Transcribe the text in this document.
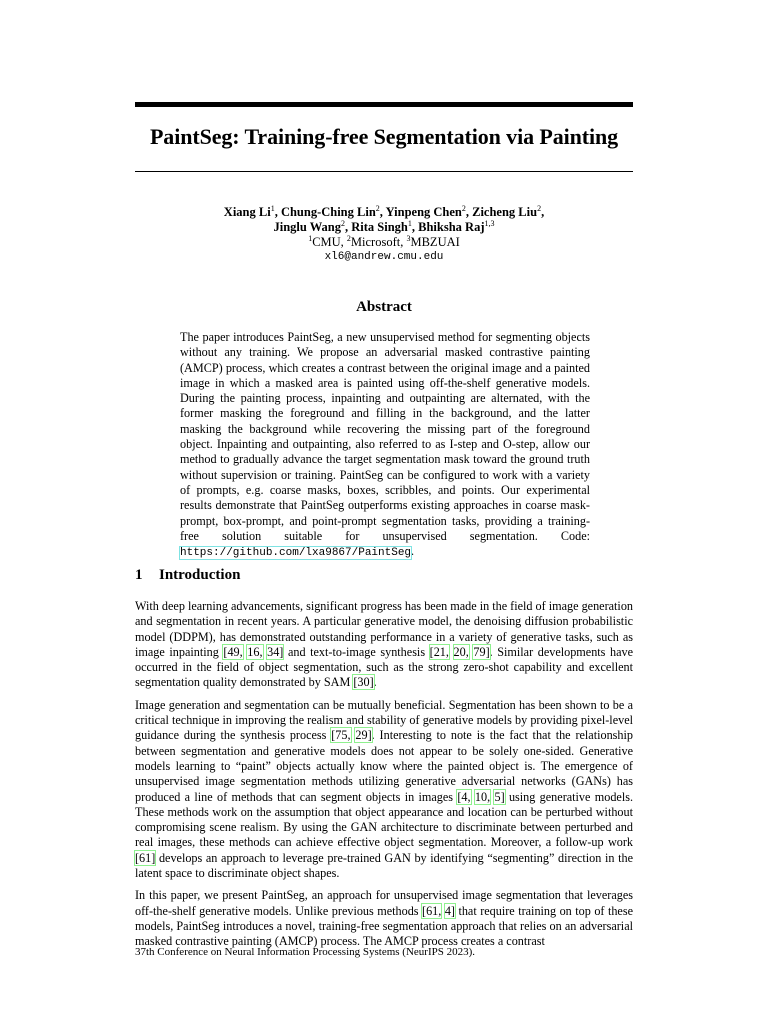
PaintSeg: Training-free Segmentation via Painting
Xiang Li$^1$, Chung-Ching Lin$^2$, Yinpeng Chen$^2$, Zicheng Liu$^2$,
Jinglu Wang$^2$, Rita Singh$^1$, Bhiksha Raj$^{1,3}$
$^1$CMU, $^2$Microsoft, $^3$MBZUAI
xl6@andrew.cmu.edu
Abstract
The paper introduces PaintSeg, a new unsupervised method for segmenting objects without any training. We propose an adversarial masked contrastive painting (AMCP) process, which creates a contrast between the original image and a painted image in which a masked area is painted using off-the-shelf generative models. During the painting process, inpainting and outpainting are alternated, with the former masking the foreground and filling in the background, and the latter masking the background while recovering the missing part of the foreground object. Inpainting and outpainting, also referred to as I-step and O-step, allow our method to gradually advance the target segmentation mask toward the ground truth without supervision or training. PaintSeg can be configured to work with a variety of prompts, e.g. coarse masks, boxes, scribbles, and points. Our experimental results demonstrate that PaintSeg outperforms existing approaches in coarse mask-prompt, box-prompt, and point-prompt segmentation tasks, providing a training-free solution suitable for unsupervised segmentation. Code: https://github.com/lxa9867/PaintSeg.
1 Introduction

With deep learning advancements, significant progress has been made in the field of image generation and segmentation in recent years. A particular generative model, the denoising diffusion probabilistic model (DDPM), has demonstrated outstanding performance in a variety of generative tasks, such as image inpainting [49, 16, 34] and text-to-image synthesis [21, 20, 79]. Similar developments have occurred in the field of object segmentation, such as the strong zero-shot capability and excellent segmentation quality demonstrated by SAM [30].

Image generation and segmentation can be mutually beneficial. Segmentation has been shown to be a critical technique in improving the realism and stability of generative models by providing pixel-level guidance during the synthesis process [75, 29]. Interesting to note is the fact that the relationship between segmentation and generative models does not appear to be solely one-sided. Generative models learning to “paint” objects actually know where the painted object is. The emergence of unsupervised image segmentation methods utilizing generative adversarial networks (GANs) has produced a line of methods that can segment objects in images [4, 10, 5] using generative models. These methods work on the assumption that object appearance and location can be perturbed without compromising scene realism. By using the GAN architecture to discriminate between perturbed and real images, these methods can achieve effective object segmentation. Moreover, a follow-up work [61] develops an approach to leverage pre-trained GAN by identifying “segmenting” direction in the latent space to discriminate object shapes.

In this paper, we present PaintSeg, an approach for unsupervised image segmentation that leverages off-the-shelf generative models. Unlike previous methods [61, 4] that require training on top of these models, PaintSeg introduces a novel, training-free segmentation approach that relies on an adversarial masked contrastive painting (AMCP) process. The AMCP process creates a contrast

37th Conference on Neural Information Processing Systems (NeurIPS 2023).
